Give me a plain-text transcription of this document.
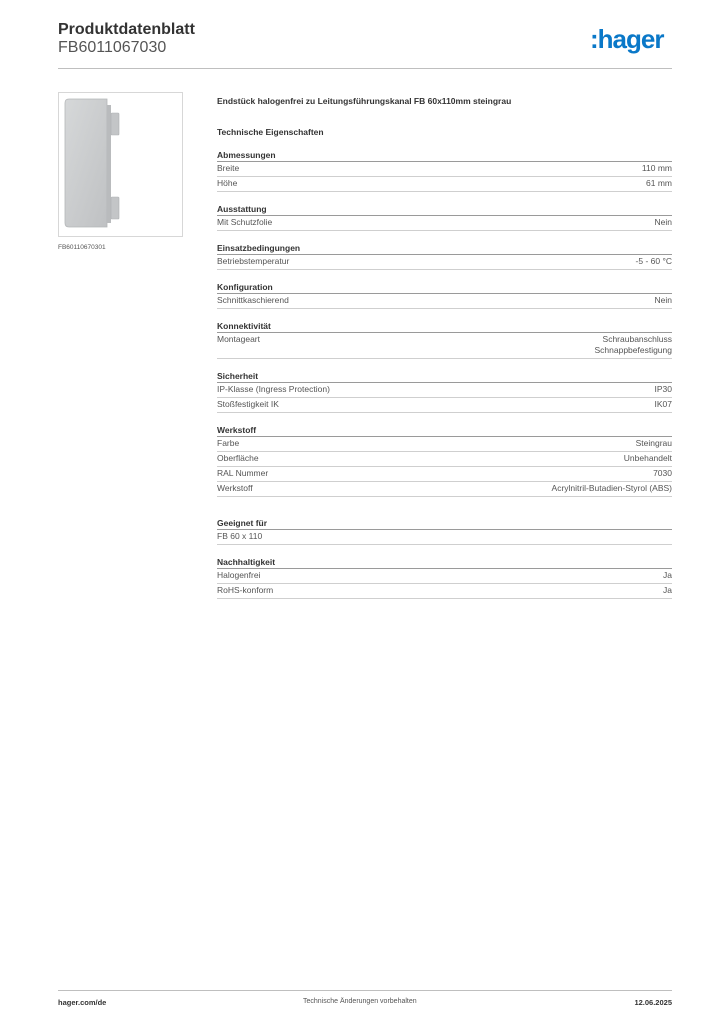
Produktdatenblatt
FB6011067030	:hager
FB60110670301
Endstück halogenfrei zu Leitungsführungskanal FB 60x110mm steingrau
Technische Eigenschaften
Abmessungen
Breite	110 mm
Höhe	61 mm
Ausstattung
Mit Schutzfolie	Nein
Einsatzbedingungen
Betriebstemperatur	-5 - 60 °C
Konfiguration
Schnittkaschierend	Nein
Konnektivität
Montageart	Schraubanschluss
Schnappbefestigung
Sicherheit
IP-Klasse (Ingress Protection)	IP30
Stoßfestigkeit IK	IK07
Werkstoff
Farbe	Steingrau
Oberfläche	Unbehandelt
RAL Nummer	7030
Werkstoff	Acrylnitril-Butadien-Styrol (ABS)
Geeignet für
FB 60 x 110
Nachhaltigkeit
Halogenfrei	Ja
RoHS-konform	Ja
hager.com/de	Technische Änderungen vorbehalten	12.06.2025
